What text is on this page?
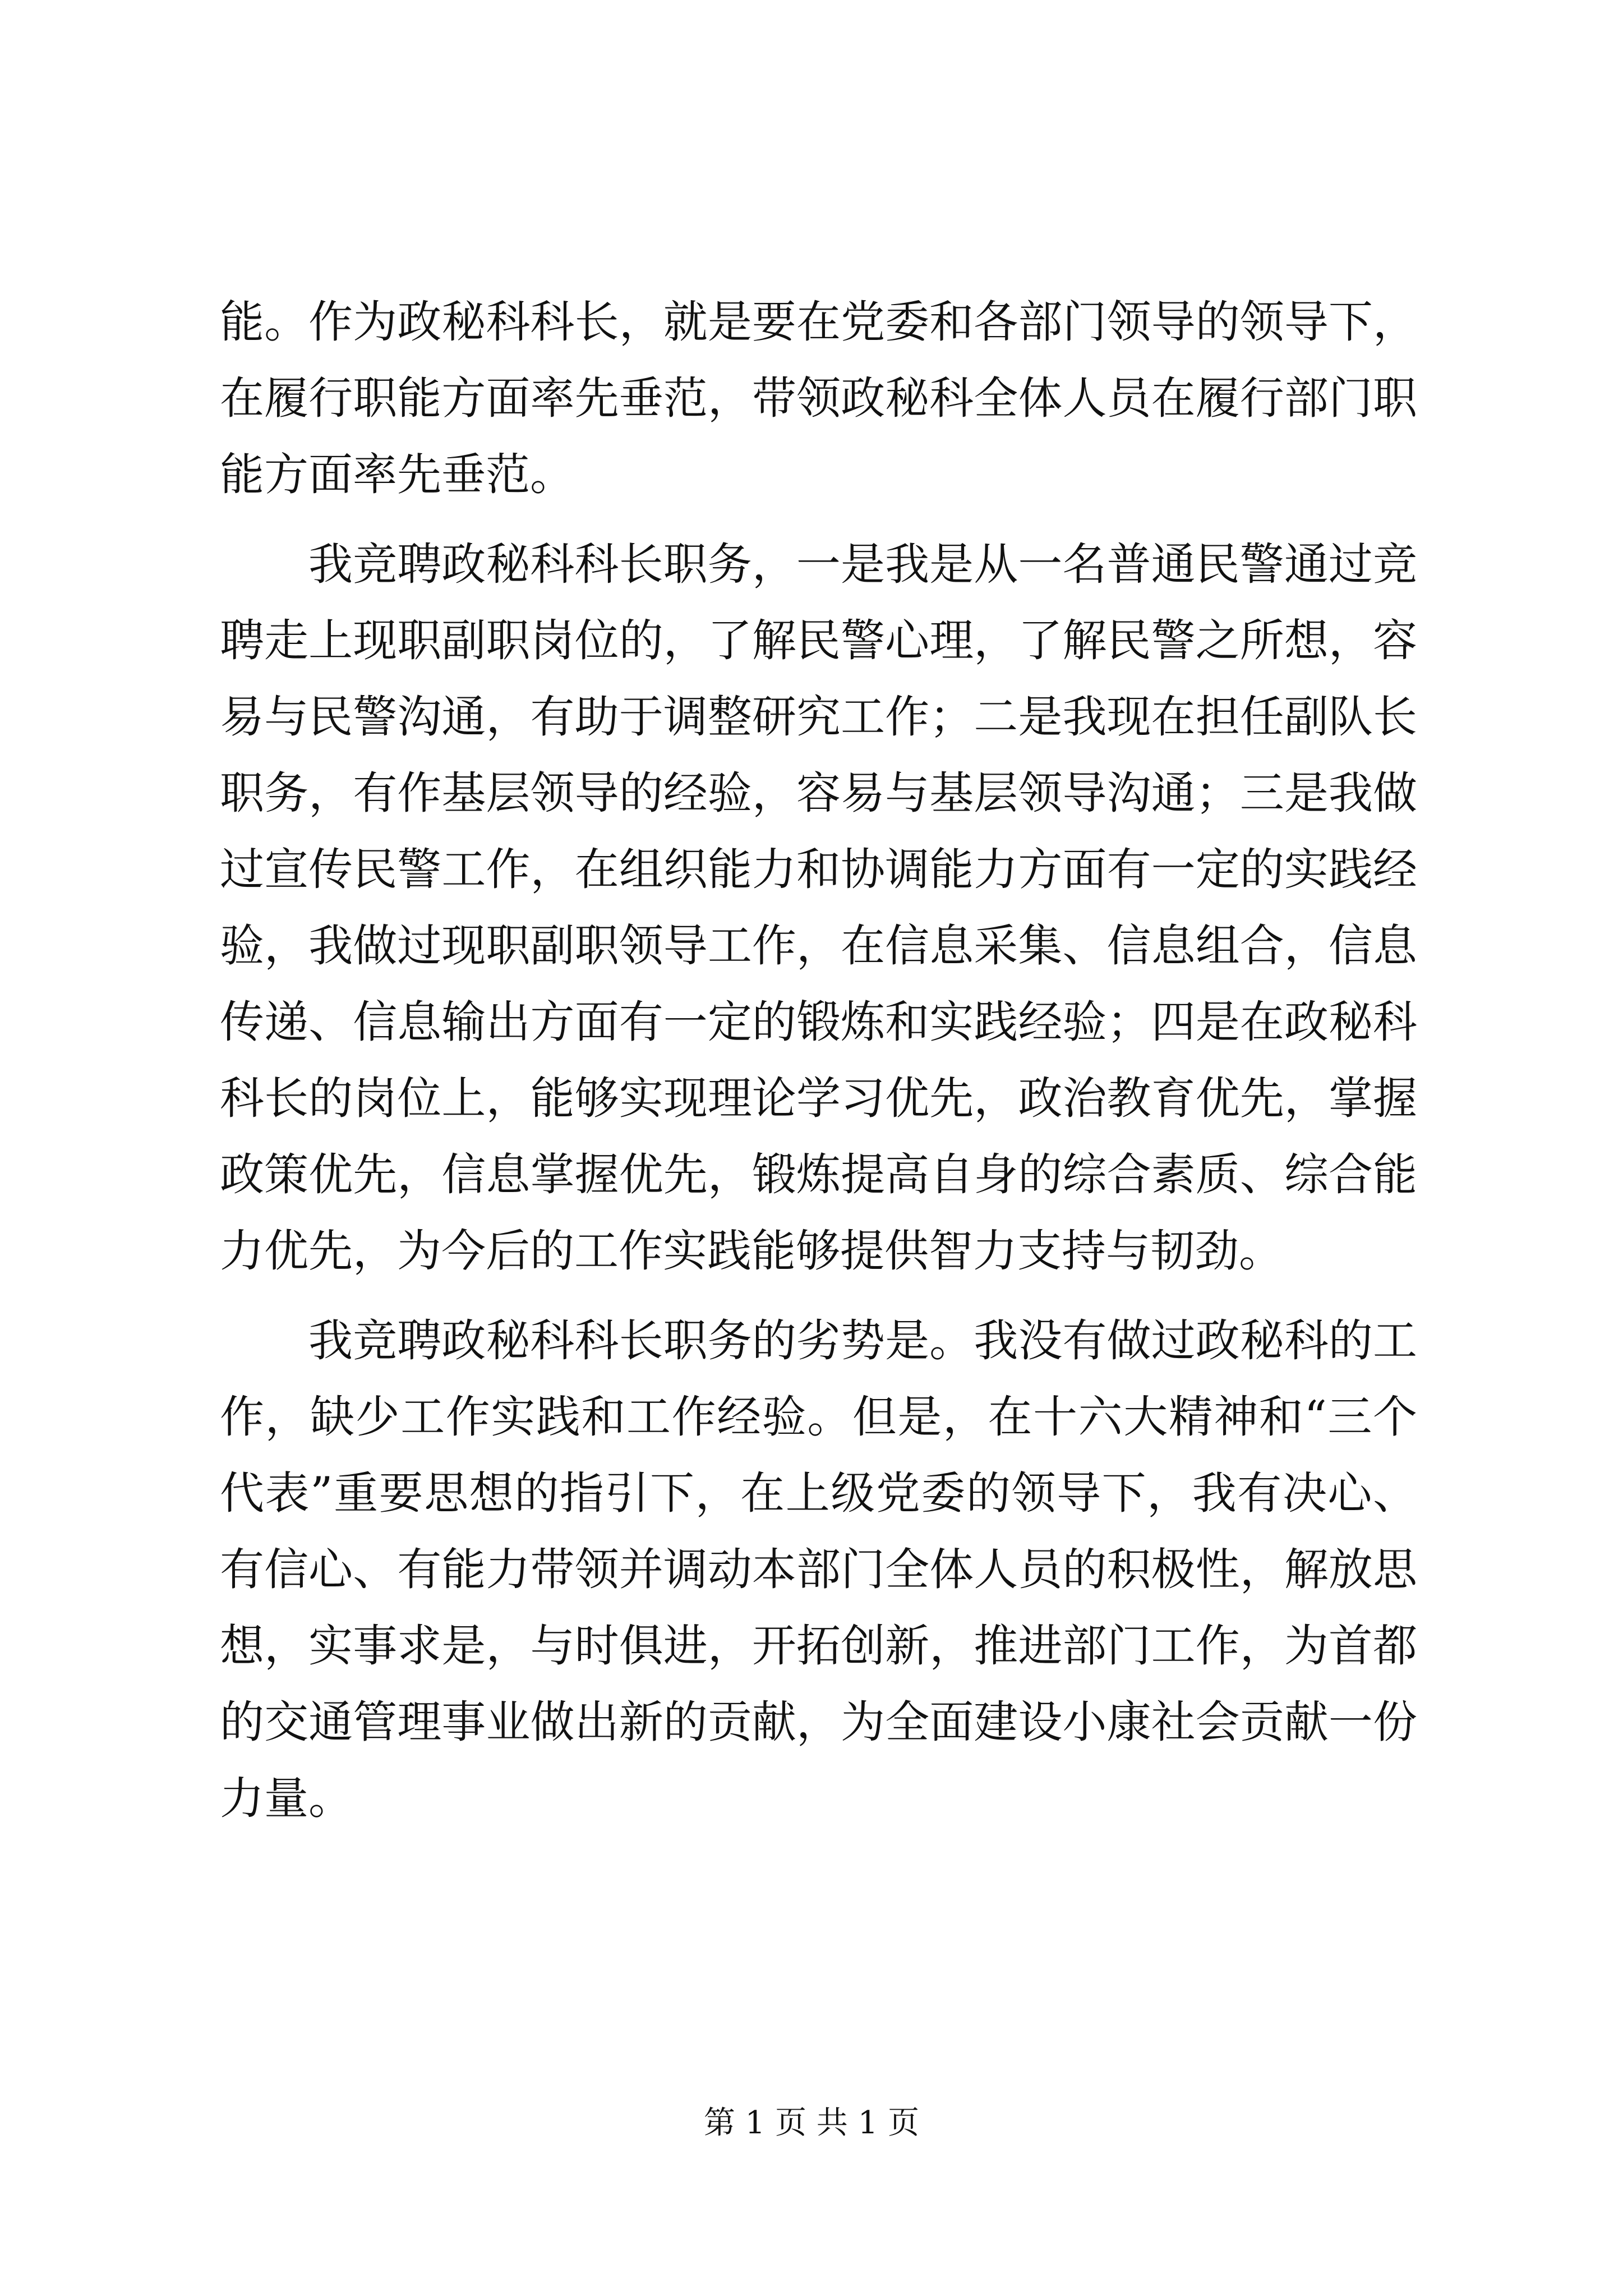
能。作为政秘科科长，就是要在党委和各部门领导的领导下，在履行职能方面率先垂范，带领政秘科全体人员在履行部门职能方面率先垂范。

我竞聘政秘科科长职务，一是我是从一名普通民警通过竞聘走上现职副职岗位的，了解民警心理，了解民警之所想，容易与民警沟通，有助于调整研究工作；二是我现在担任副队长职务，有作基层领导的经验，容易与基层领导沟通；三是我做过宣传民警工作，在组织能力和协调能力方面有一定的实践经验，我做过现职副职领导工作，在信息采集、信息组合，信息传递、信息输出方面有一定的锻炼和实践经验；四是在政秘科科长的岗位上，能够实现理论学习优先，政治教育优先，掌握政策优先，信息掌握优先，锻炼提高自身的综合素质、综合能力优先，为今后的工作实践能够提供智力支持与韧劲。

我竞聘政秘科科长职务的劣势是。我没有做过政秘科的工作，缺少工作实践和工作经验。但是，在十六大精神和“三个代表”重要思想的指引下，在上级党委的领导下，我有决心、有信心、有能力带领并调动本部门全体人员的积极性，解放思想，实事求是，与时俱进，开拓创新，推进部门工作，为首都的交通管理事业做出新的贡献，为全面建设小康社会贡献一份力量。

第 1 页 共 1 页
